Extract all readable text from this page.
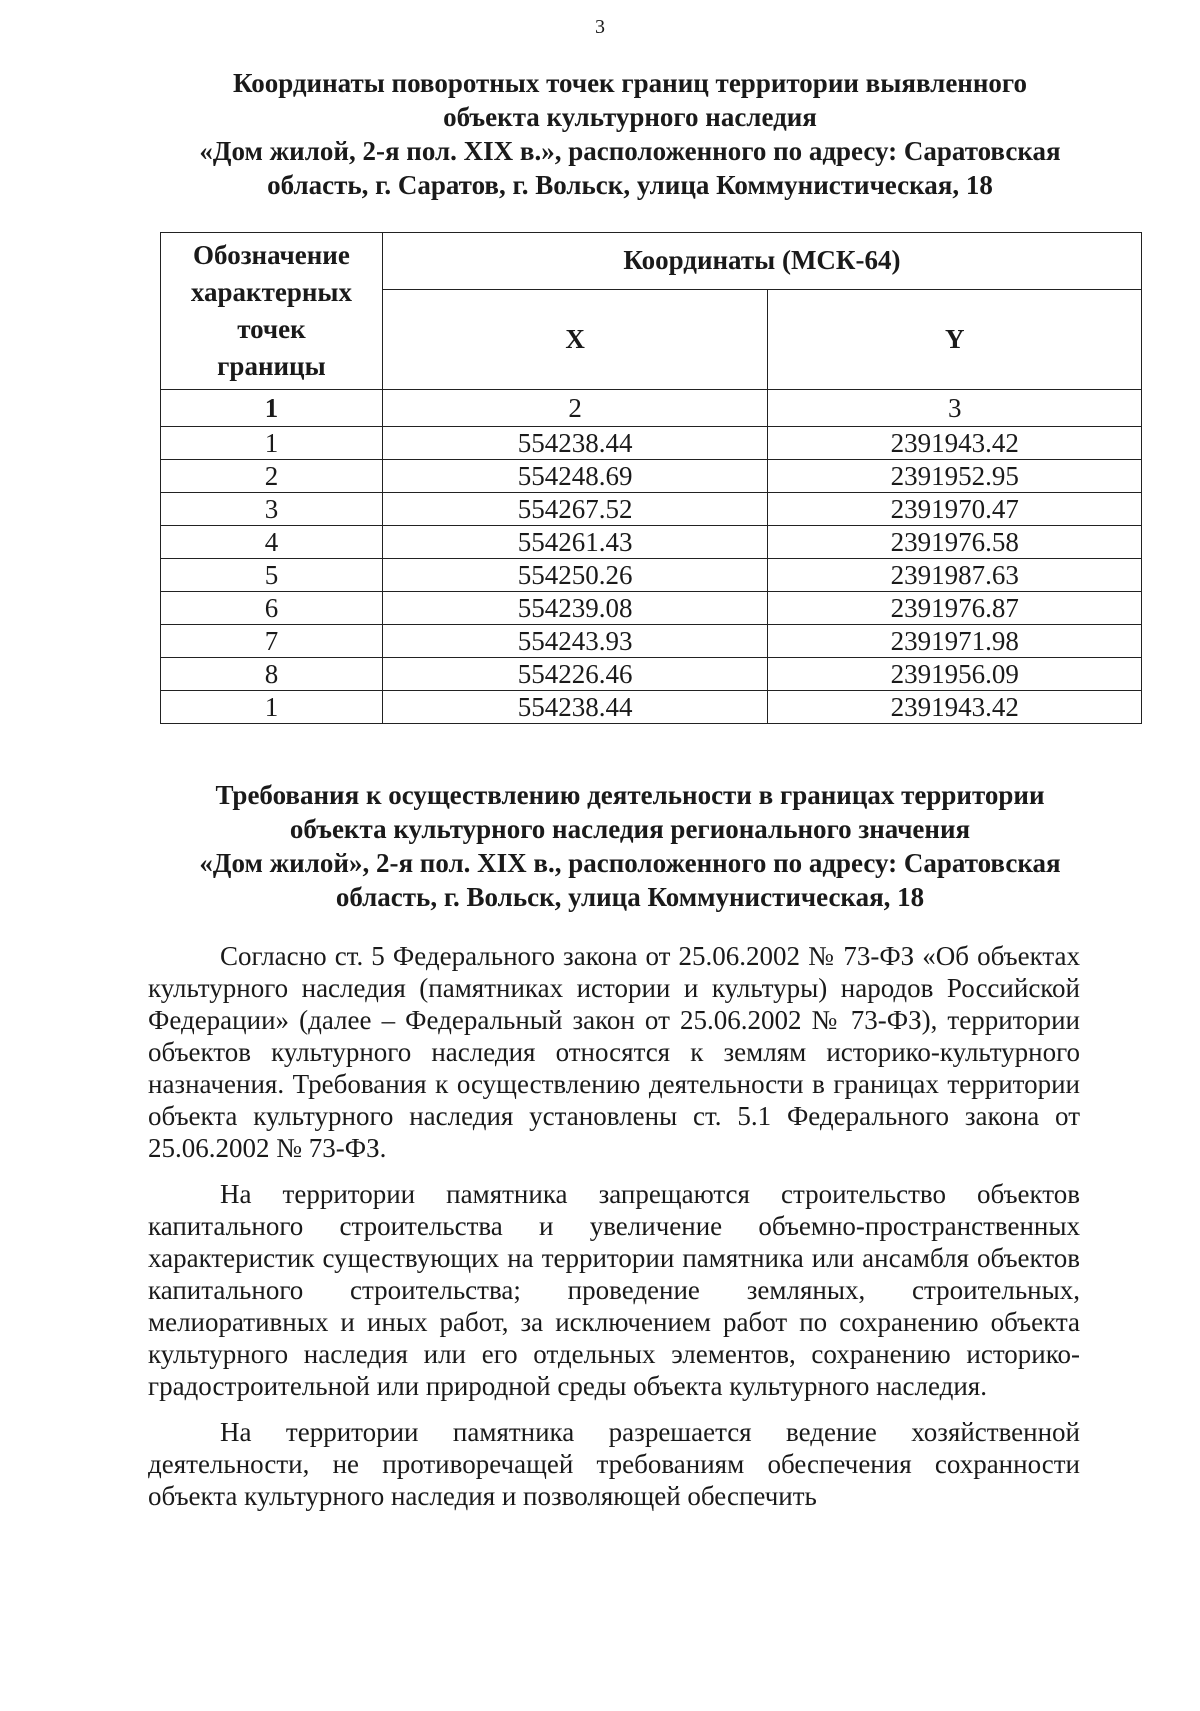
3
Координаты поворотных точек границ территории выявленного
объекта культурного наследия
«Дом жилой, 2-я пол. XIX в.», расположенного по адресу: Саратовская
область, г. Саратов, г. Вольск, улица Коммунистическая, 18
Обозначение
характерных
точек
границы	Координаты (МСК-64)	
	X	Y
1	2	3
1	554238.44	2391943.42
2	554248.69	2391952.95
3	554267.52	2391970.47
4	554261.43	2391976.58
5	554250.26	2391987.63
6	554239.08	2391976.87
7	554243.93	2391971.98
8	554226.46	2391956.09
1	554238.44	2391943.42
Требования к осуществлению деятельности в границах территории
объекта культурного наследия регионального значения
«Дом жилой», 2-я пол. XIX в., расположенного по адресу: Саратовская
область, г. Вольск, улица Коммунистическая, 18

Согласно ст. 5 Федерального закона от 25.06.2002 № 73-ФЗ «Об объектах культурного наследия (памятниках истории и культуры) народов Российской Федерации» (далее – Федеральный закон от 25.06.2002 № 73-ФЗ), территории объектов культурного наследия относятся к землям историко-культурного назначения. Требования к осуществлению деятельности в границах территории объекта культурного наследия установлены ст. 5.1 Федерального закона от 25.06.2002 № 73-ФЗ.

На территории памятника запрещаются строительство объектов капитального строительства и увеличение объемно-пространственных характеристик существующих на территории памятника или ансамбля объектов капитального строительства; проведение земляных, строительных, мелиоративных и иных работ, за исключением работ по сохранению объекта культурного наследия или его отдельных элементов, сохранению историко-градостроительной или природной среды объекта культурного наследия.

На территории памятника разрешается ведение хозяйственной деятельности, не противоречащей требованиям обеспечения сохранности объекта культурного наследия и позволяющей обеспечить
